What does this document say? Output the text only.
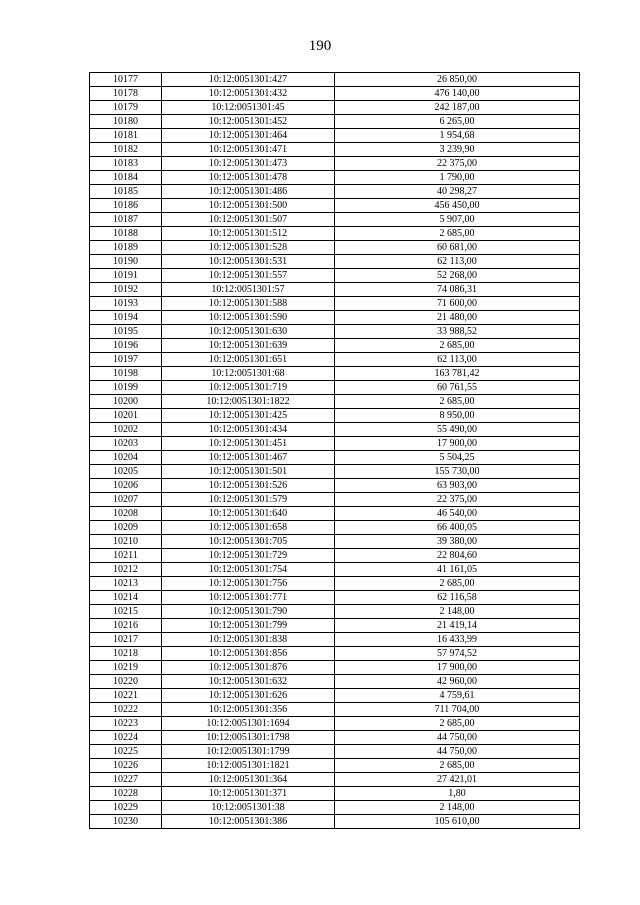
190
10177	10:12:0051301:427	26 850,00
10178	10:12:0051301:432	476 140,00
10179	10:12:0051301:45	242 187,00
10180	10:12:0051301:452	6 265,00
10181	10:12:0051301:464	1 954,68
10182	10:12:0051301:471	3 239,90
10183	10:12:0051301:473	22 375,00
10184	10:12:0051301:478	1 790,00
10185	10:12:0051301:486	40 298,27
10186	10:12:0051301:500	456 450,00
10187	10:12:0051301:507	5 907,00
10188	10:12:0051301:512	2 685,00
10189	10:12:0051301:528	60 681,00
10190	10:12:0051301:531	62 113,00
10191	10:12:0051301:557	52 268,00
10192	10:12:0051301:57	74 086,31
10193	10:12:0051301:588	71 600,00
10194	10:12:0051301:590	21 480,00
10195	10:12:0051301:630	33 988,52
10196	10:12:0051301:639	2 685,00
10197	10:12:0051301:651	62 113,00
10198	10:12:0051301:68	163 781,42
10199	10:12:0051301:719	60 761,55
10200	10:12:0051301:1822	2 685,00
10201	10:12:0051301:425	8 950,00
10202	10:12:0051301:434	55 490,00
10203	10:12:0051301:451	17 900,00
10204	10:12:0051301:467	5 504,25
10205	10:12:0051301:501	155 730,00
10206	10:12:0051301:526	63 903,00
10207	10:12:0051301:579	22 375,00
10208	10:12:0051301:640	46 540,00
10209	10:12:0051301:658	66 400,05
10210	10:12:0051301:705	39 380,00
10211	10:12:0051301:729	22 804,60
10212	10:12:0051301:754	41 161,05
10213	10:12:0051301:756	2 685,00
10214	10:12:0051301:771	62 116,58
10215	10:12:0051301:790	2 148,00
10216	10:12:0051301:799	21 419,14
10217	10:12:0051301:838	16 433,99
10218	10:12:0051301:856	57 974,52
10219	10:12:0051301:876	17 900,00
10220	10:12:0051301:632	42 960,00
10221	10:12:0051301:626	4 759,61
10222	10:12:0051301:356	711 704,00
10223	10:12:0051301:1694	2 685,00
10224	10:12:0051301:1798	44 750,00
10225	10:12:0051301:1799	44 750,00
10226	10:12:0051301:1821	2 685,00
10227	10:12:0051301:364	27 421,01
10228	10:12:0051301:371	1,80
10229	10:12:0051301:38	2 148,00
10230	10:12:0051301:386	105 610,00
